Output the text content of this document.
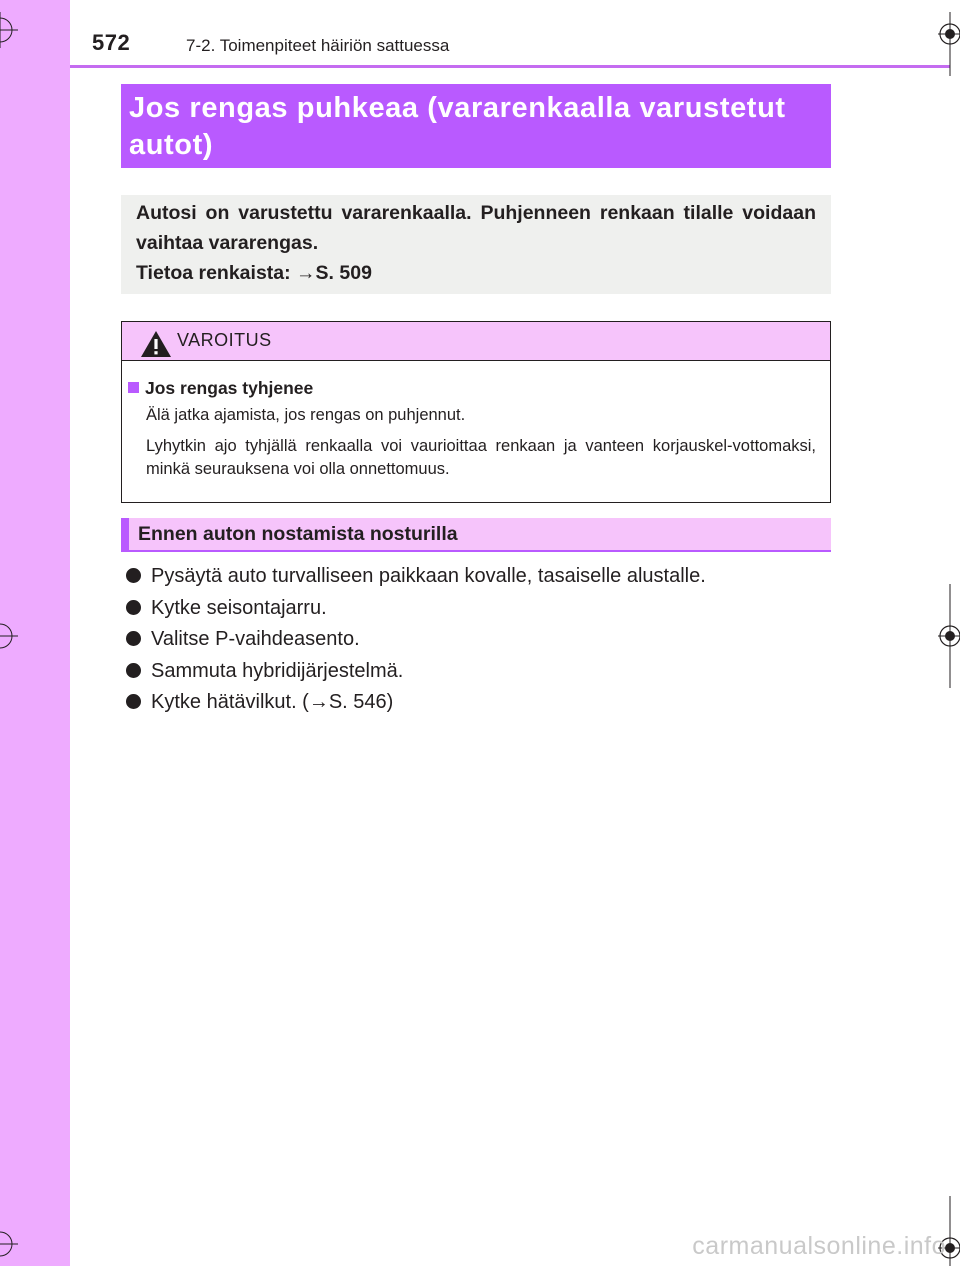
572	7-2. Toimenpiteet häiriön sattuessa
Jos rengas puhkeaa (vararenkaalla varustetut
autot)
Autosi on varustettu vararenkaalla. Puhjenneen renkaan tilalle voidaan vaihtaa vararengas.
Tietoa renkaista: →S. 509
VAROITUS
Jos rengas tyhjenee
Älä jatka ajamista, jos rengas on puhjennut.
Lyhytkin ajo tyhjällä renkaalla voi vaurioittaa renkaan ja vanteen korjauskel-vottomaksi, minkä seurauksena voi olla onnettomuus.
Ennen auton nostamista nosturilla
Pysäytä auto turvalliseen paikkaan kovalle, tasaiselle alustalle.
Kytke seisontajarru.
Valitse P-vaihdeasento.
Sammuta hybridijärjestelmä.
Kytke hätävilkut. (→S. 546)
carmanualsonline.info
